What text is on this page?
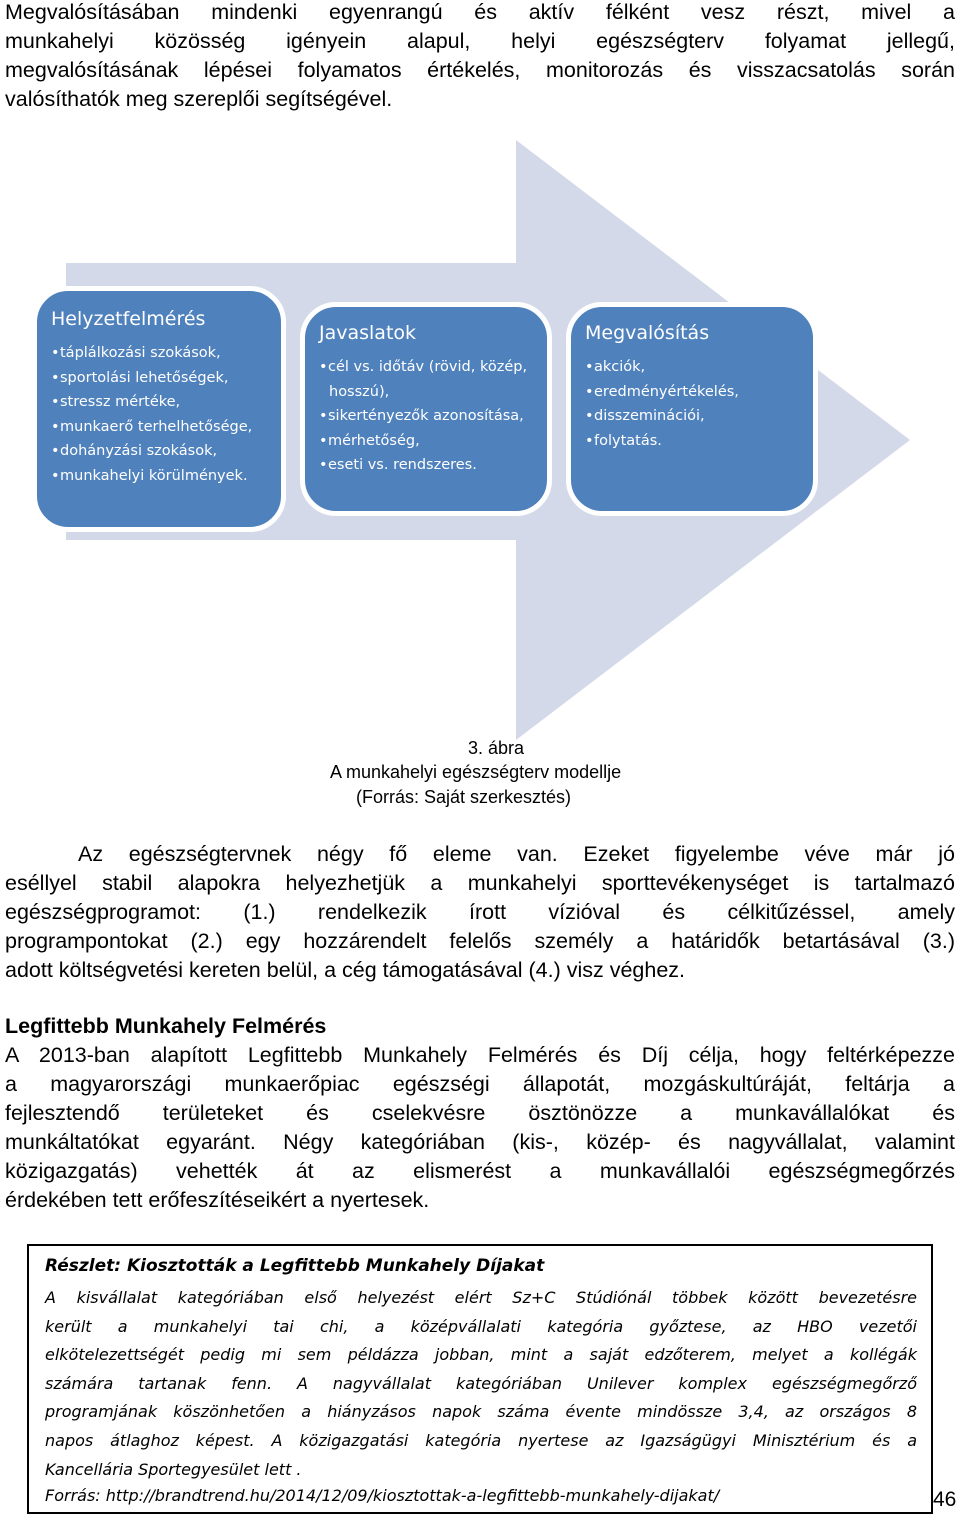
Megvalósításában mindenki egyenrangú és aktív félként vesz részt, mivel a
munkahelyi közösség igényein alapul, helyi egészségterv folyamat jellegű,
megvalósításának lépései folyamatos értékelés, monitorozás és visszacsatolás során
valósíthatók meg szereplői segítségével.
Helyzetfelmérés
• táplálkozási szokások,
• sportolási lehetőségek,
• stressz mértéke,
• munkaerő terhelhetősége,
• dohányzási szokások,
• munkahelyi körülmények.
Javaslatok
• cél vs. időtáv (rövid, közép,
hosszú),
• sikertényezők azonosítása,
• mérhetőség,
• eseti vs. rendszeres.
Megvalósítás
• akciók,
• eredményértékelés,
• disszeminációi,
• folytatás.
3. ábra
A munkahelyi egészségterv modellje
(Forrás: Saját szerkesztés)
Az egészségtervnek négy fő eleme van. Ezeket figyelembe véve már jó
eséllyel stabil alapokra helyezhetjük a munkahelyi sporttevékenységet is tartalmazó
egészségprogramot: (1.) rendelkezik írott vízióval és célkitűzéssel, amely
programpontokat (2.) egy hozzárendelt felelős személy a határidők betartásával (3.)
adott költségvetési kereten belül, a cég támogatásával (4.) visz véghez.
Legfittebb Munkahely Felmérés
A 2013-ban alapított Legfittebb Munkahely Felmérés és Díj célja, hogy feltérképezze
a magyarországi munkaerőpiac egészségi állapotát, mozgáskultúráját, feltárja a
fejlesztendő területeket és cselekvésre ösztönözze a munkavállalókat és
munkáltatókat egyaránt. Négy kategóriában (kis-, közép- és nagyvállalat, valamint
közigazgatás) vehették át az elismerést a munkavállalói egészségmegőrzés
érdekében tett erőfeszítéseikért a nyertesek.
Részlet: Kiosztották a Legfittebb Munkahely Díjakat
A kisvállalat kategóriában első helyezést elért Sz+C Stúdiónál többek között bevezetésre
került a munkahelyi tai chi, a középvállalati kategória győztese, az HBO vezetői
elkötelezettségét pedig mi sem példázza jobban, mint a saját edzőterem, melyet a kollégák
számára tartanak fenn. A nagyvállalat kategóriában Unilever komplex egészségmegőrző
programjának köszönhetően a hiányzásos napok száma évente mindössze 3,4, az országos 8
napos átlaghoz képest. A közigazgatási kategória nyertese az Igazságügyi Minisztérium és a
Kancellária Sportegyesület lett .
Forrás: http://brandtrend.hu/2014/12/09/kiosztottak-a-legfittebb-munkahely-dijakat/	46
